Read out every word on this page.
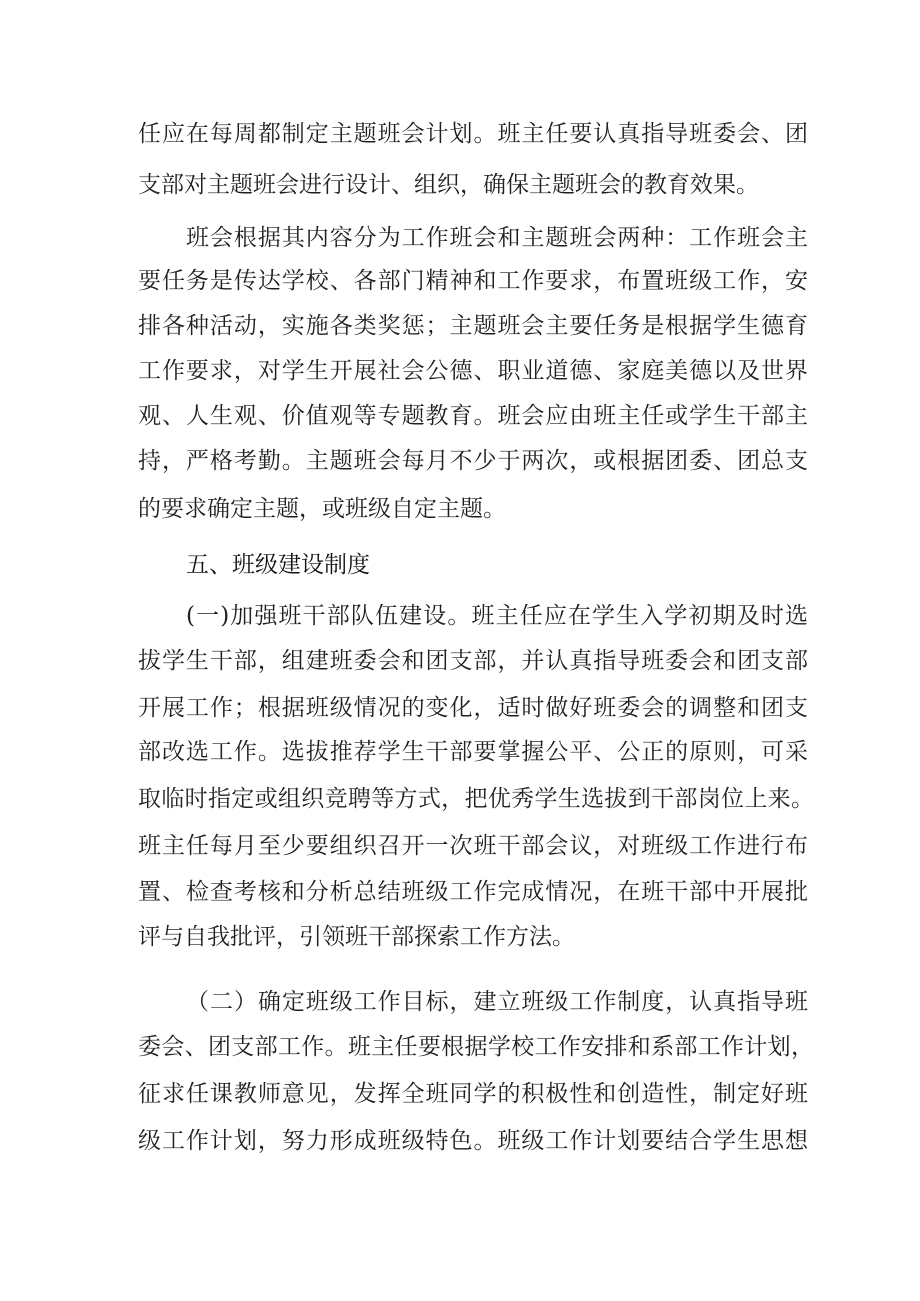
任应在每周都制定主题班会计划。班主任要认真指导班委会、团
支部对主题班会进行设计、组织，确保主题班会的教育效果。
班会根据其内容分为工作班会和主题班会两种：工作班会主
要任务是传达学校、各部门精神和工作要求，布置班级工作，安
排各种活动，实施各类奖惩；主题班会主要任务是根据学生德育
工作要求，对学生开展社会公德、职业道德、家庭美德以及世界
观、人生观、价值观等专题教育。班会应由班主任或学生干部主
持，严格考勤。主题班会每月不少于两次，或根据团委、团总支
的要求确定主题，或班级自定主题。
五、班级建设制度
(一)加强班干部队伍建设。班主任应在学生入学初期及时选
拔学生干部，组建班委会和团支部，并认真指导班委会和团支部
开展工作；根据班级情况的变化，适时做好班委会的调整和团支
部改选工作。选拔推荐学生干部要掌握公平、公正的原则，可采
取临时指定或组织竞聘等方式，把优秀学生选拔到干部岗位上来。
班主任每月至少要组织召开一次班干部会议，对班级工作进行布
置、检查考核和分析总结班级工作完成情况，在班干部中开展批
评与自我批评，引领班干部探索工作方法。
（二）确定班级工作目标，建立班级工作制度，认真指导班
委会、团支部工作。班主任要根据学校工作安排和系部工作计划，
征求任课教师意见，发挥全班同学的积极性和创造性，制定好班
级工作计划，努力形成班级特色。班级工作计划要结合学生思想
